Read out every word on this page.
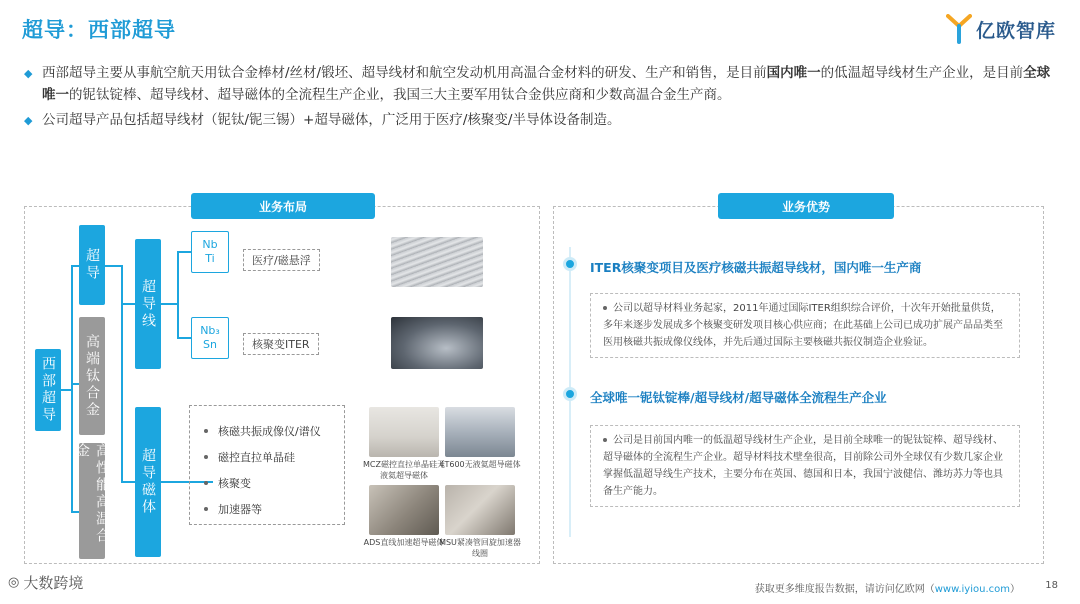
超导：西部超导	亿欧智库
◆ 西部超导主要从事航空航天用钛合金棒材/丝材/锻坯、超导线材和航空发动机用高温合金材料的研发、生产和销售，是目前国内唯一的低温超导线材生产企业，是目前全球唯一的铌钛锭棒、超导线材、超导磁体的全流程生产企业，我国三大主要军用钛合金供应商和少数高温合金生产商。
◆ 公司超导产品包括超导线材（铌钛/铌三锡）+超导磁体，广泛用于医疗/核聚变/半导体设备制造。
业务布局
西部超导
超导
高端钛合金
高性能高温合金
超导线
超导磁体
Nb
Ti	医疗/磁悬浮
Nb₃
Sn	核聚变ITER
核磁共振成像仪/谱仪
磁控直拉单晶硅
核聚变
加速器等
MCZ磁控直拉单晶硅无液氦超导磁体
4T600无液氦超导磁体
ADS直线加速超导磁体
MSU紧凑管回旋加速器线圈
业务优势
ITER核聚变项目及医疗核磁共振超导线材，国内唯一生产商
公司以超导材料业务起家，2011年通过国际ITER组织综合评价，十次年开始批量供货，多年来逐步发展成多个核聚变研发项目核心供应商；在此基础上公司已成功扩展产品品类至医用核磁共振成像仪线体，并先后通过国际主要核磁共振仪制造企业验证。
全球唯一铌钛锭棒/超导线材/超导磁体全流程生产企业
公司是目前国内唯一的低温超导线材生产企业，是目前全球唯一的铌钛锭棒、超导线材、超导磁体的全流程生产企业。超导材料技术壁垒很高，目前除公司外全球仅有少数几家企业掌握低温超导线生产技术，主要分布在英国、德国和日本，我国宁波健信、潍坊苏力等也具备生产能力。
◎ 大数跨境	获取更多维度报告数据，请访问亿欧网（www.iyiou.com）	18
